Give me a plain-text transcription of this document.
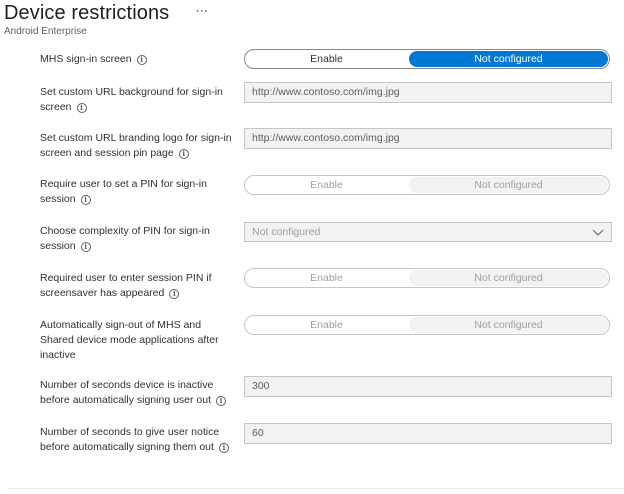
Device restrictions ⋯
Android Enterprise
MHS sign-in screen i	Enable	Not configured
Set custom URL background for sign-in
screen i
http://www.contoso.com/img.jpg
Set custom URL branding logo for sign-in
screen and session pin page i
http://www.contoso.com/img.jpg
Require user to set a PIN for sign-in
session i
Enable	Not configured
Choose complexity of PIN for sign-in
session i
Not configured
Required user to enter session PIN if
screensaver has appeared i
Enable	Not configured
Automatically sign-out of MHS and
Shared device mode applications after
inactive
Enable	Not configured
Number of seconds device is inactive
before automatically signing user out i
300
Number of seconds to give user notice
before automatically signing them out i
60
